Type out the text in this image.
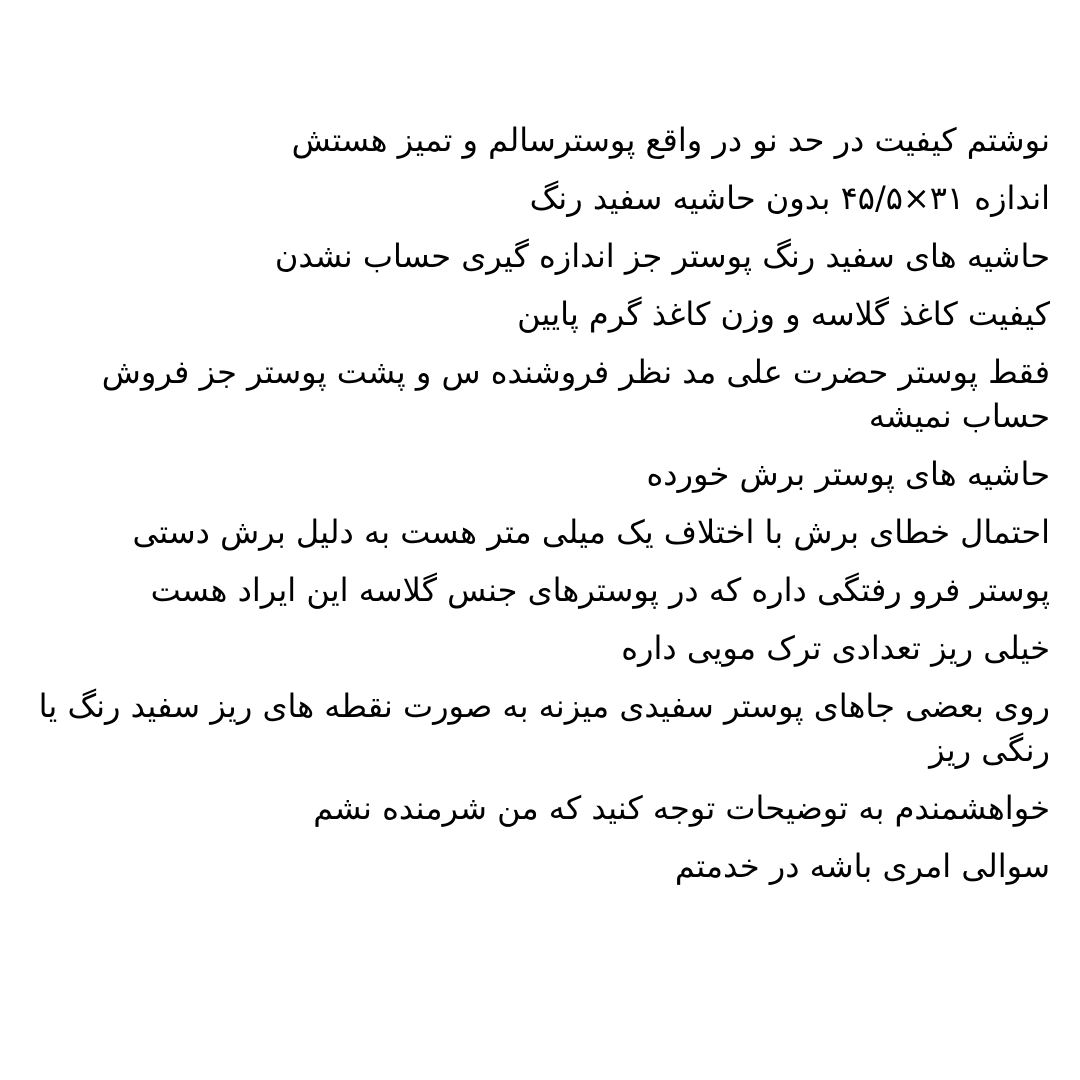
نوشتم کیفیت در حد نو در واقع پوسترسالم و تمیز هستش

اندازه ۳۱×۴۵/۵ بدون حاشیه سفید رنگ

حاشیه های سفید رنگ پوستر جز اندازه گیری حساب نشدن

کیفیت کاغذ گلاسه و وزن کاغذ گرم پایین

فقط پوستر حضرت علی مد نظر فروشنده س و پشت پوستر جز فروش حساب نمیشه

حاشیه های پوستر برش خورده

احتمال خطای برش با اختلاف یک میلی متر هست به دلیل برش دستی

پوستر فرو رفتگی داره که در پوسترهای جنس گلاسه این ایراد هست

خیلی ریز تعدادی ترک مویی داره

روی بعضی جاهای پوستر سفیدی میزنه به صورت نقطه های ریز سفید رنگ یا رنگی ریز

خواهشمندم به توضیحات توجه کنید که من شرمنده نشم

سوالی امری باشه در خدمتم
